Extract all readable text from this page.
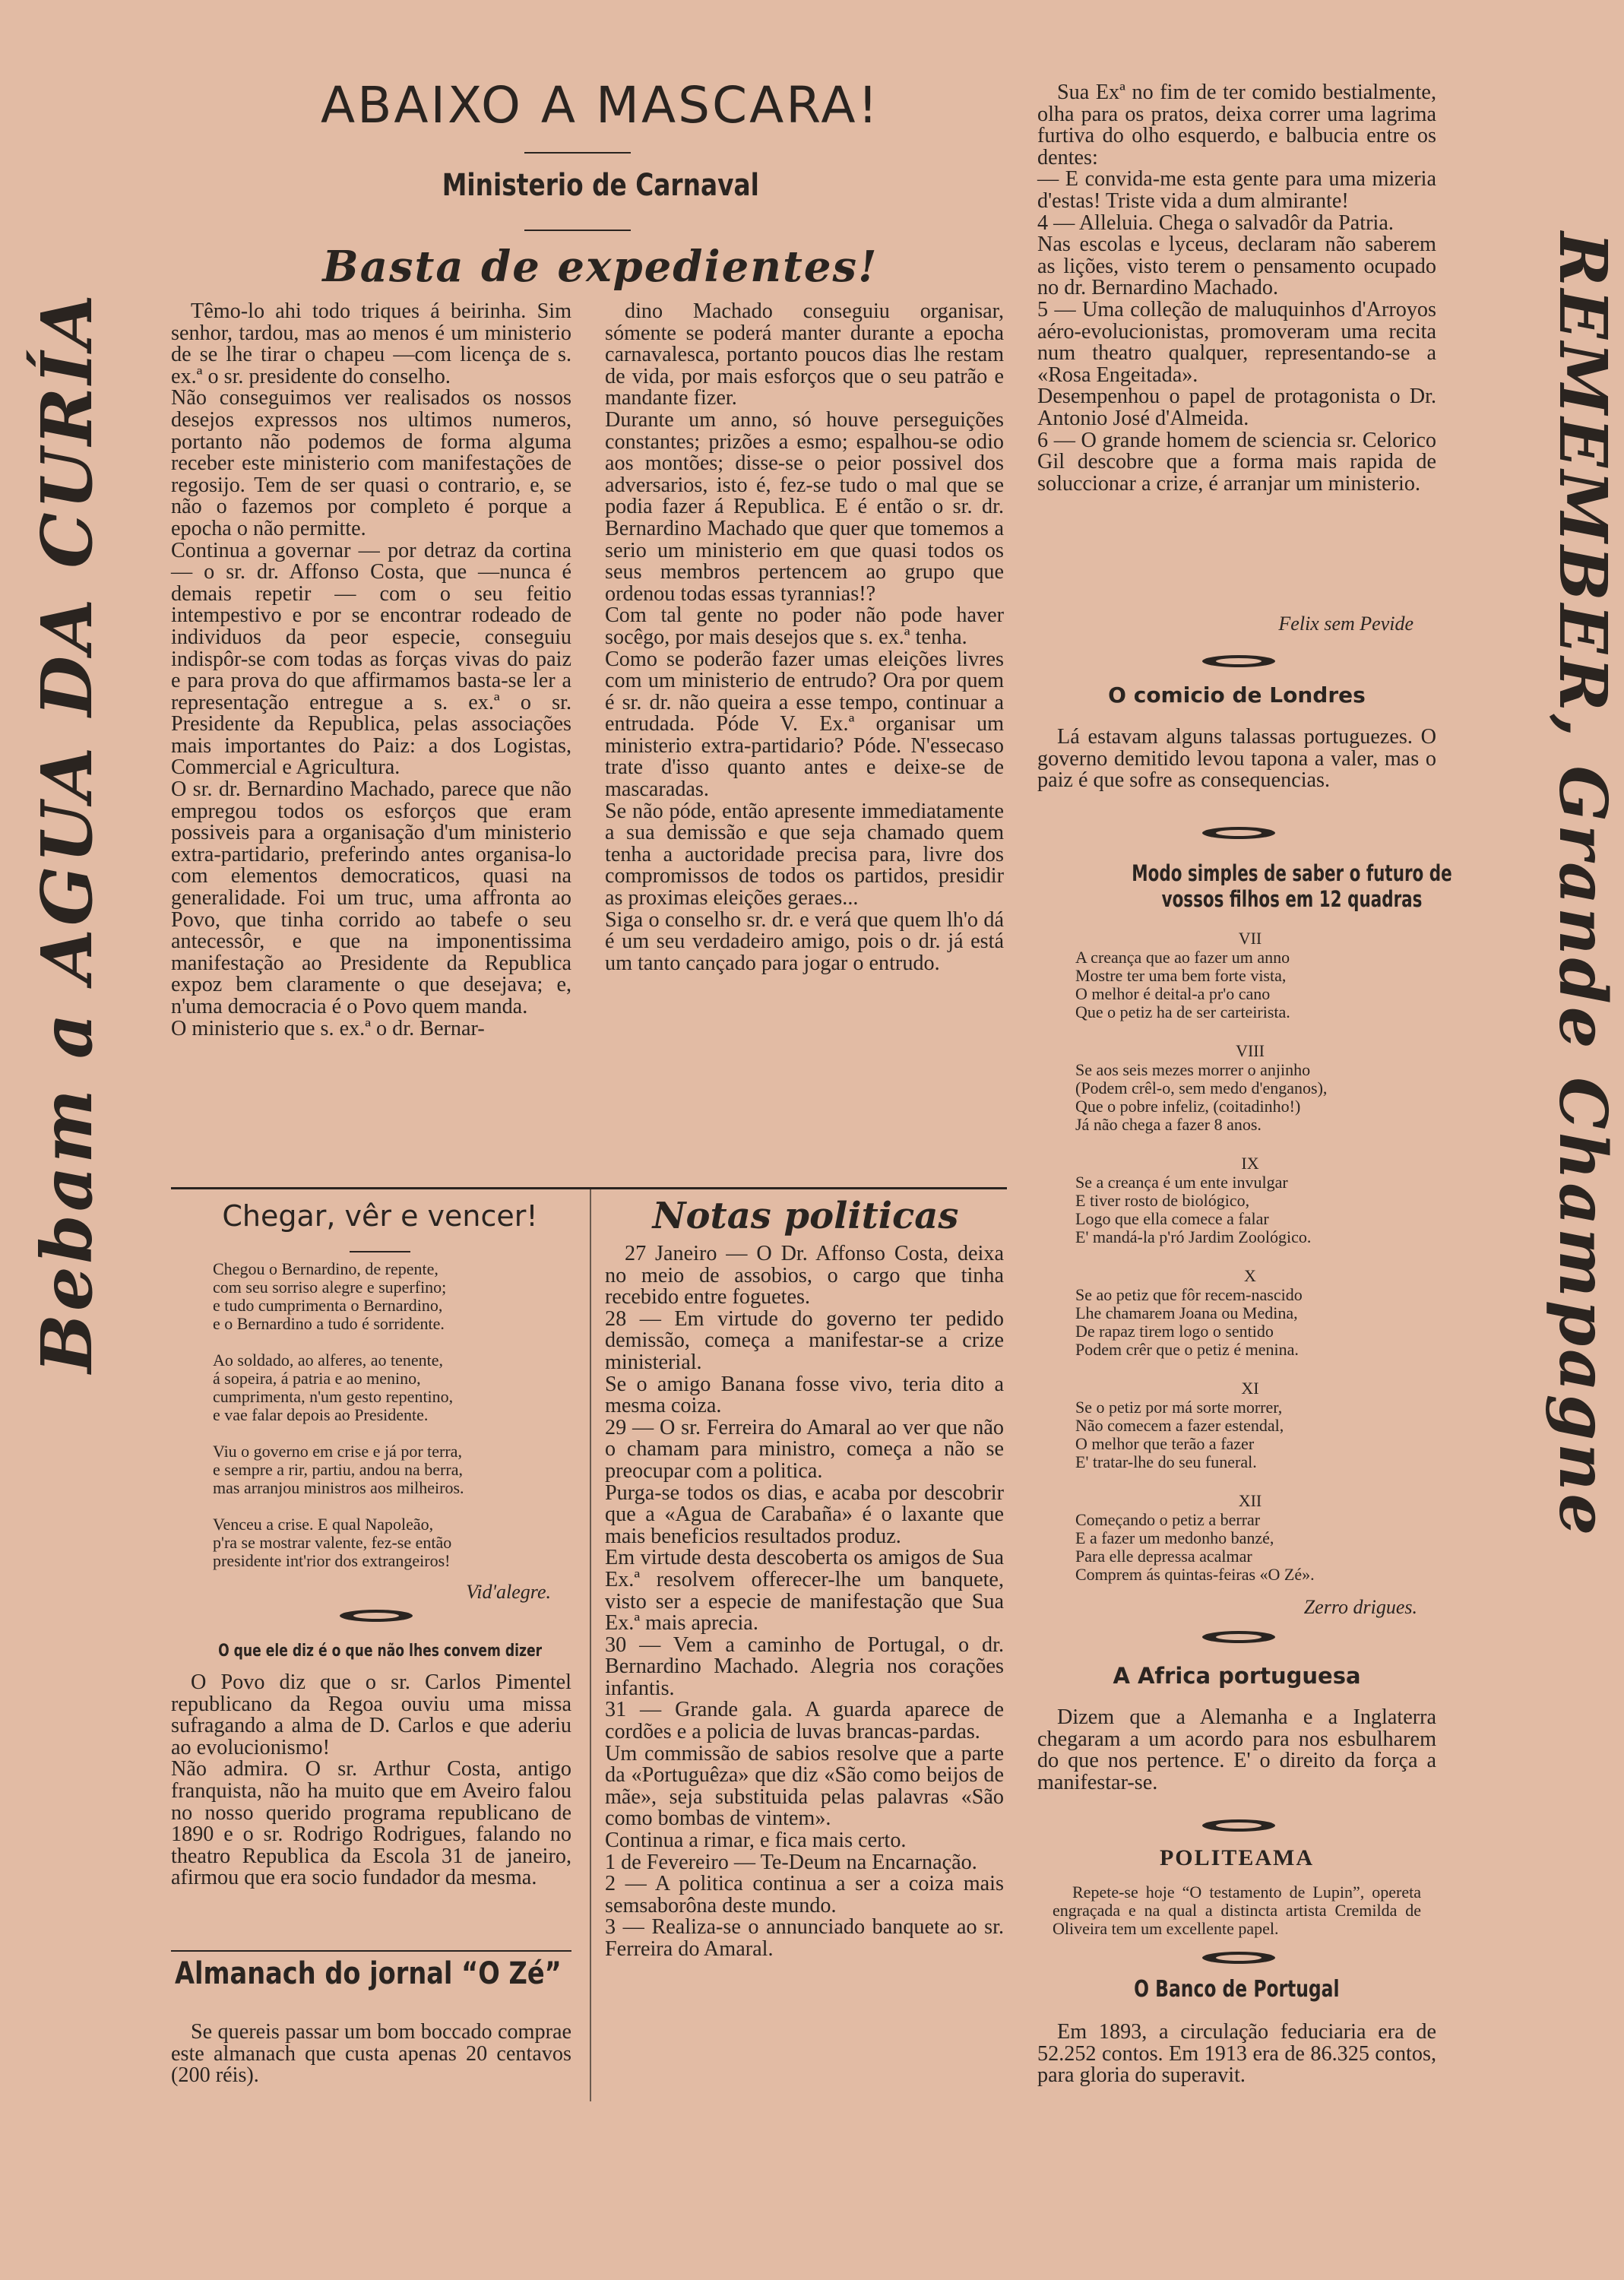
Bebam a AGUA DA CURÍA	REMEMBER, Grande Champagne
ABAIXO A MASCARA!
Ministerio de Carnaval
Basta de expedientes!

Têmo-lo ahi todo triques á beirinha. Sim senhor, tardou, mas ao menos é um ministerio de se lhe tirar o chapeu —com licença de s. ex.ª o sr. presidente do conselho.
Não conseguimos ver realisados os nossos desejos expressos nos ultimos numeros, portanto não podemos de forma alguma receber este ministerio com manifestações de regosijo. Tem de ser quasi o contrario, e, se não o fazemos por completo é porque a epocha o não permitte.
Continua a governar — por detraz da cortina — o sr. dr. Affonso Costa, que —nunca é demais repetir — com o seu feitio intempestivo e por se encontrar rodeado de individuos da peor especie, conseguiu indispôr-se com todas as forças vivas do paiz e para prova do que affirmamos basta-se ler a representação entregue a s. ex.ª o sr. Presidente da Republica, pelas associações mais importantes do Paiz: a dos Logistas, Commercial e Agricultura.
O sr. dr. Bernardino Machado, parece que não empregou todos os esforços que eram possiveis para a organisação d'um ministerio extra-partidario, preferindo antes organisa-lo com elementos democraticos, quasi na generalidade. Foi um truc, uma affronta ao Povo, que tinha corrido ao tabefe o seu antecessôr, e que na imponentissima manifestação ao Presidente da Republica expoz bem claramente o que desejava; e, n'uma democracia é o Povo quem manda.
O ministerio que s. ex.ª o dr. Bernar-

dino Machado conseguiu organisar, sómente se poderá manter durante a epocha carnavalesca, portanto poucos dias lhe restam de vida, por mais esforços que o seu patrão e mandante fizer.
Durante um anno, só houve perseguições constantes; prizões a esmo; espalhou-se odio aos montões; disse-se o peior possivel dos adversarios, isto é, fez-se tudo o mal que se podia fazer á Republica. E é então o sr. dr. Bernardino Machado que quer que tomemos a serio um ministerio em que quasi todos os seus membros pertencem ao grupo que ordenou todas essas tyrannias!?
Com tal gente no poder não pode haver socêgo, por mais desejos que s. ex.ª tenha.
Como se poderão fazer umas eleições livres com um ministerio de entrudo? Ora por quem é sr. dr. não queira a esse tempo, continuar a entrudada. Póde V. Ex.ª organisar um ministerio extra-partidario? Póde. N'essecaso trate d'isso quanto antes e deixe-se de mascaradas.
Se não póde, então apresente immediatamente a sua demissão e que seja chamado quem tenha a auctoridade precisa para, livre dos compromissos de todos os partidos, presidir as proximas eleições geraes...
Siga o conselho sr. dr. e verá que quem lh'o dá é um seu verdadeiro amigo, pois o dr. já está um tanto cançado para jogar o entrudo.

Chegar, vêr e vencer!
Chegou o Bernardino, de repente,
com seu sorriso alegre e superfino;
e tudo cumprimenta o Bernardino,
e o Bernardino a tudo é sorridente.

Ao soldado, ao alferes, ao tenente,
á sopeira, á patria e ao menino,
cumprimenta, n'um gesto repentino,
e vae falar depois ao Presidente.

Viu o governo em crise e já por terra,
e sempre a rir, partiu, andou na berra,
mas arranjou ministros aos milheiros.

Venceu a crise. E qual Napoleão,
p'ra se mostrar valente, fez-se então
presidente int'rior dos extrangeiros!
Vid'alegre.
O que ele diz é o que não lhes convem dizer

O Povo diz que o sr. Carlos Pimentel republicano da Regoa ouviu uma missa sufragando a alma de D. Carlos e que aderiu ao evolucionismo!
Não admira. O sr. Arthur Costa, antigo franquista, não ha muito que em Aveiro falou no nosso querido programa republicano de 1890 e o sr. Rodrigo Rodrigues, falando no theatro Republica da Escola 31 de janeiro, afirmou que era socio fundador da mesma.

Almanach do jornal “O Zé”

Se quereis passar um bom boccado comprae este almanach que custa apenas 20 centavos (200 réis).

Notas politicas

27 Janeiro — O Dr. Affonso Costa, deixa no meio de assobios, o cargo que tinha recebido entre foguetes.
28 — Em virtude do governo ter pedido demissão, começa a manifestar-se a crize ministerial.
Se o amigo Banana fosse vivo, teria dito a mesma coiza.
29 — O sr. Ferreira do Amaral ao ver que não o chamam para ministro, começa a não se preocupar com a politica.
Purga-se todos os dias, e acaba por descobrir que a «Agua de Carabaña» é o laxante que mais beneficios resultados produz.
Em virtude desta descoberta os amigos de Sua Ex.ª resolvem offerecer-lhe um banquete, visto ser a especie de manifestação que Sua Ex.ª mais aprecia.
30 — Vem a caminho de Portugal, o dr. Bernardino Machado. Alegria nos corações infantis.
31 — Grande gala. A guarda aparece de cordões e a policia de luvas brancas-pardas.
Um commissão de sabios resolve que a parte da «Portuguêza» que diz «São como beijos de mãe», seja substituida pelas palavras «São como bombas de vintem».
Continua a rimar, e fica mais certo.
1 de Fevereiro — Te-Deum na Encarnação.
2 — A politica continua a ser a coiza mais semsaborôna deste mundo.
3 — Realiza-se o annunciado banquete ao sr. Ferreira do Amaral.

Sua Exª no fim de ter comido bestialmente, olha para os pratos, deixa correr uma lagrima furtiva do olho esquerdo, e balbucia entre os dentes:
— E convida-me esta gente para uma mizeria d'estas! Triste vida a dum almirante!
4 — Alleluia. Chega o salvadôr da Patria.
Nas escolas e lyceus, declaram não saberem as lições, visto terem o pensamento ocupado no dr. Bernardino Machado.
5 — Uma colleção de maluquinhos d'Arroyos aéro-evolucionistas, promoveram uma recita num theatro qualquer, representando-se a «Rosa Engeitada».
Desempenhou o papel de protagonista o Dr. Antonio José d'Almeida.
6 — O grande homem de sciencia sr. Celorico Gil descobre que a forma mais rapida de soluccionar a crize, é arranjar um ministerio.

Felix sem Pevide
O comicio de Londres

Lá estavam alguns talassas portuguezes. O governo demitido levou tapona a valer, mas o paiz é que sofre as consequencias.

Modo simples de saber o futuro de vossos filhos em 12 quadras
VII
A creança que ao fazer um anno
Mostre ter uma bem forte vista,
O melhor é deital-a pr'o cano
Que o petiz ha de ser carteirista.
VIII
Se aos seis mezes morrer o anjinho
(Podem crêl-o, sem medo d'enganos),
Que o pobre infeliz, (coitadinho!)
Já não chega a fazer 8 anos.
IX
Se a creança é um ente invulgar
E tiver rosto de biológico,
Logo que ella comece a falar
E' mandá-la p'ró Jardim Zoológico.
X
Se ao petiz que fôr recem-nascido
Lhe chamarem Joana ou Medina,
De rapaz tirem logo o sentido
Podem crêr que o petiz é menina.
XI
Se o petiz por má sorte morrer,
Não comecem a fazer estendal,
O melhor que terão a fazer
E' tratar-lhe do seu funeral.
XII
Começando o petiz a berrar
E a fazer um medonho banzé,
Para elle depressa acalmar
Comprem ás quintas-feiras «O Zé».
Zerro drigues.
A Africa portuguesa

Dizem que a Alemanha e a Inglaterra chegaram a um acordo para nos esbulharem do que nos pertence. E' o direito da força a manifestar-se.

POLITEAMA

Repete-se hoje “O testamento de Lupin”, opereta engraçada e na qual a distincta artista Cremilda de Oliveira tem um excellente papel.

O Banco de Portugal

Em 1893, a circulação feduciaria era de 52.252 contos. Em 1913 era de 86.325 contos, para gloria do superavit.
